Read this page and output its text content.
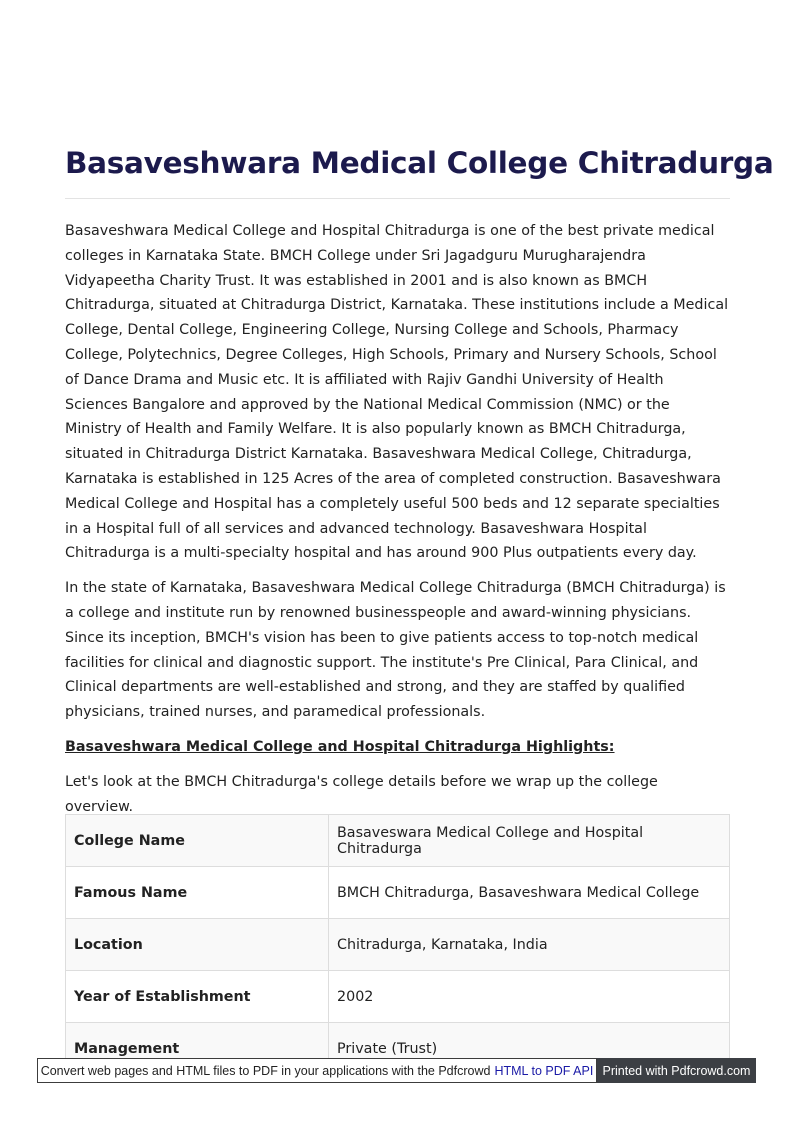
Basaveshwara Medical College Chitradurga

Basaveshwara Medical College and Hospital Chitradurga is one of the best private medical colleges in Karnataka State. BMCH College under Sri Jagadguru Murugharajendra Vidyapeetha Charity Trust. It was established in 2001 and is also known as BMCH Chitradurga, situated at Chitradurga District, Karnataka. These institutions include a Medical College, Dental College, Engineering College, Nursing College and Schools, Pharmacy College, Polytechnics, Degree Colleges, High Schools, Primary and Nursery Schools, School of Dance Drama and Music etc. It is affiliated with Rajiv Gandhi University of Health Sciences Bangalore and approved by the National Medical Commission (NMC) or the Ministry of Health and Family Welfare. It is also popularly known as BMCH Chitradurga, situated in Chitradurga District Karnataka. Basaveshwara Medical College, Chitradurga, Karnataka is established in 125 Acres of the area of completed construction. Basaveshwara Medical College and Hospital has a completely useful 500 beds and 12 separate specialties in a Hospital full of all services and advanced technology. Basaveshwara Hospital Chitradurga is a multi-specialty hospital and has around 900 Plus outpatients every day.

In the state of Karnataka, Basaveshwara Medical College Chitradurga (BMCH Chitradurga) is a college and institute run by renowned businesspeople and award-winning physicians. Since its inception, BMCH's vision has been to give patients access to top-notch medical facilities for clinical and diagnostic support. The institute's Pre Clinical, Para Clinical, and Clinical departments are well-established and strong, and they are staffed by qualified physicians, trained nurses, and paramedical professionals.

Basaveshwara Medical College and Hospital Chitradurga Highlights:

Let's look at the BMCH Chitradurga's college details before we wrap up the college overview.

College Name	Basaveswara Medical College and Hospital Chitradurga
Famous Name	BMCH Chitradurga, Basaveshwara Medical College
Location	Chitradurga, Karnataka, India
Year of Establishment	2002
Management	Private (Trust)
Convert web pages and HTML files to PDF in your applications with the Pdfcrowd HTML to PDF API Printed with Pdfcrowd.com
